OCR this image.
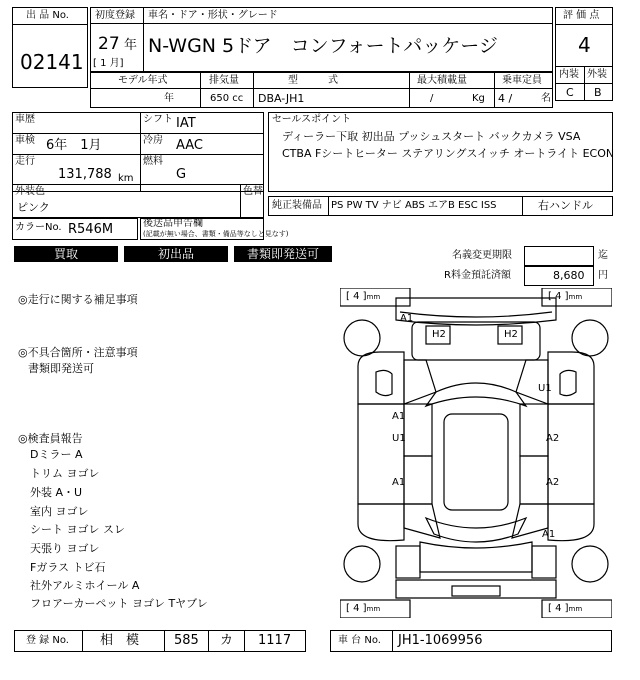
出 品 No.
02141
初度登録 車名・ドア・形状・グレード
27 年
[ 1 月]
N-WGN 5ドア　コンフォートパッケージ
評 価 点
4
内装 外装
C B
モデル年式
年
排気量
650 cc
型　　　式
DBA-JH1
最大積載量
/	Kg
乗車定員
4 /	名
車歴
車検 6年　1月
走行
131,788 km
シフト IAT
冷房 AAC
燃料
G
セールスポイント
ディーラー下取 初出品 プッシュスタート バックカメラ VSA
CTBA Fシートヒーター ステアリングスイッチ オートライト ECON
外装色
ピンク
色替
純正装備品 PS PW TV ナビ ABS エアB ESC ISS	右ハンドル
カラーNo. R546M	後送品申告欄
(記載が無い場合、書類・備品等なしと見なす)
買取	初出品	書類即発送可	名義変更期限	迄
R料金預託済額	8,680 円
◎走行に関する補足事項
◎不具合箇所・注意事項
書類即発送可
◎検査員報告
Dミラー A
トリム ヨゴレ
外装 A・U
室内 ヨゴレ
シート ヨゴレ スレ
天張り ヨゴレ
Fガラス トビ石
社外アルミホイール A
フロアーカーペット ヨゴレ Tヤブレ
[ 4 ]mm	[ 4 ]mm
[ 4 ]mm	[ 4 ]mm
A1
H2	H2
U1
A1
U1	A2
A1	A2
A1
登 録 No. 相　模	585 カ 1117	車 台 No. JH1-1069956
